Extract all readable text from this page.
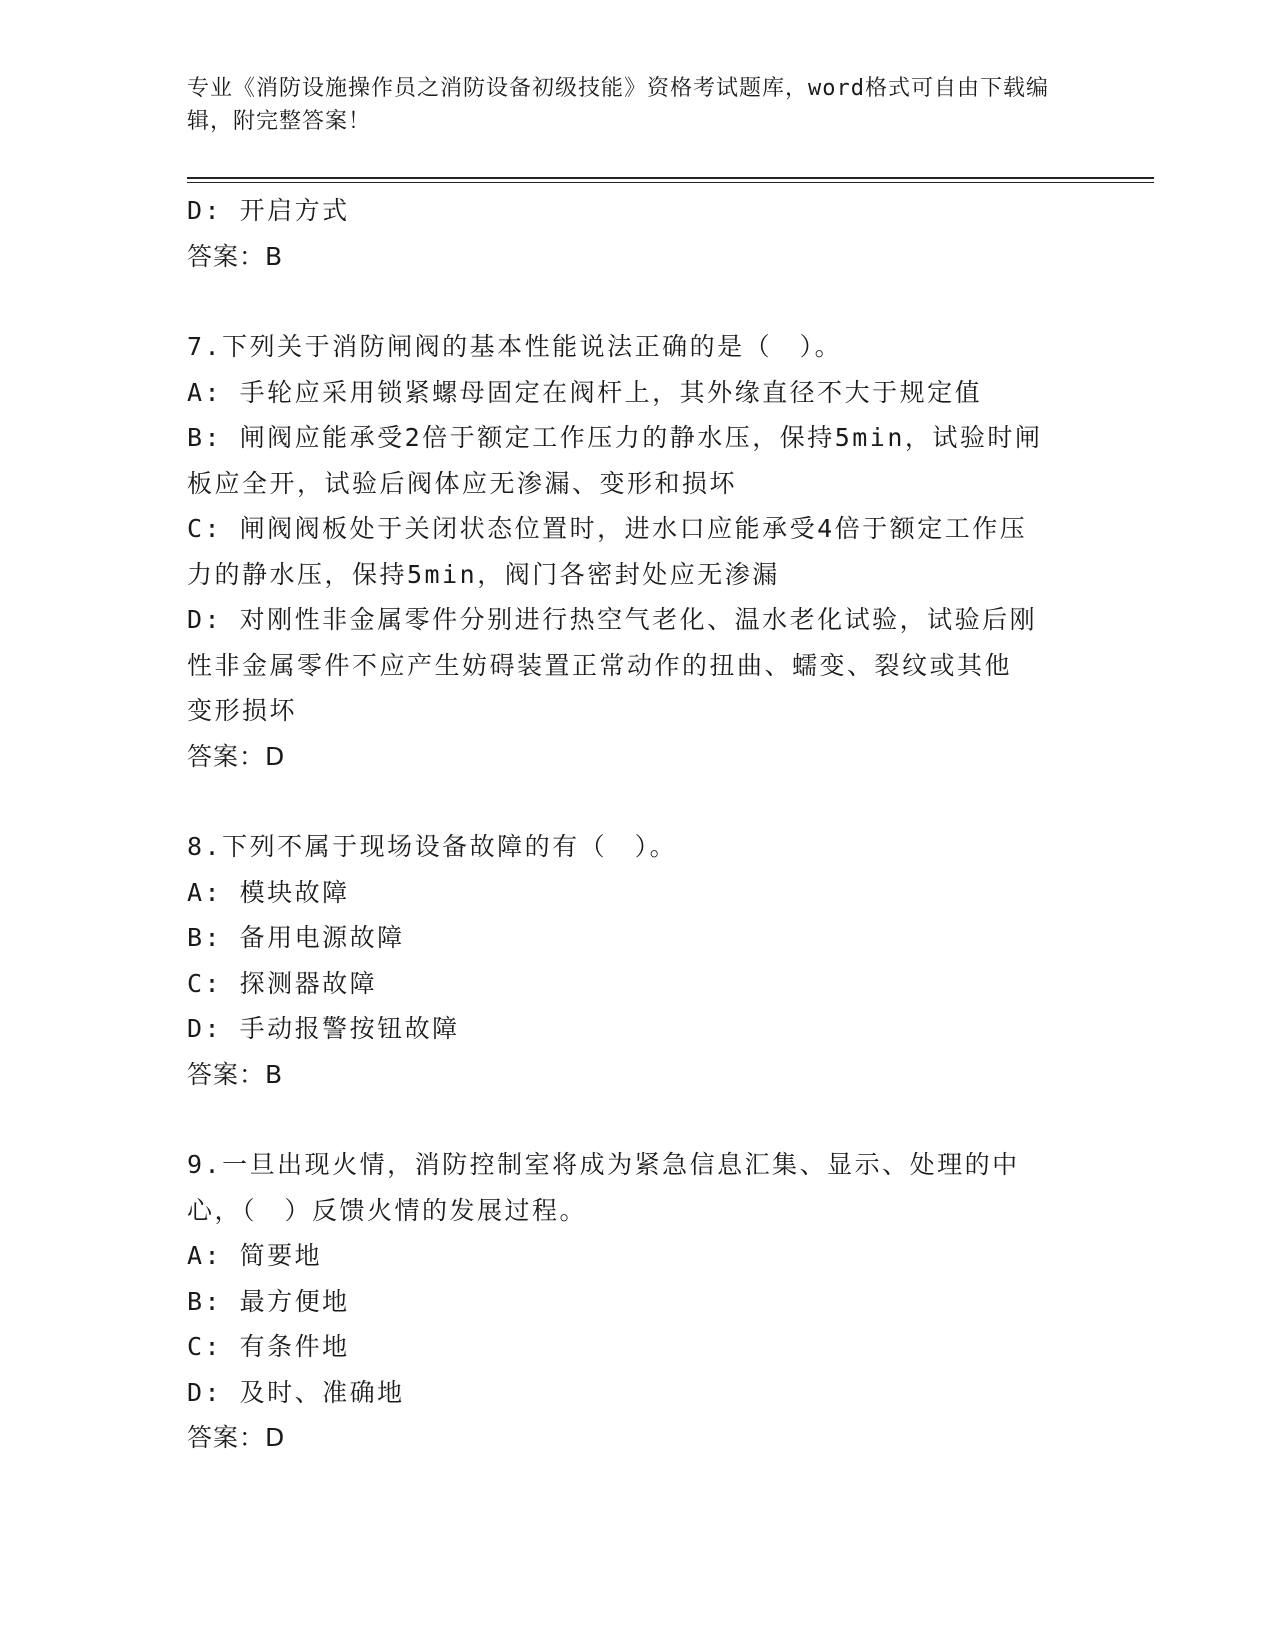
专业《消防设施操作员之消防设备初级技能》资格考试题库，word格式可自由下载编辑，附完整答案！
D: 开启方式
答案：B
7.下列关于消防闸阀的基本性能说法正确的是（　）。
A: 手轮应采用锁紧螺母固定在阀杆上，其外缘直径不大于规定值
B: 闸阀应能承受2倍于额定工作压力的静水压，保持5min，试验时闸
板应全开，试验后阀体应无渗漏、变形和损坏
C: 闸阀阀板处于关闭状态位置时，进水口应能承受4倍于额定工作压
力的静水压，保持5min，阀门各密封处应无渗漏
D: 对刚性非金属零件分别进行热空气老化、温水老化试验，试验后刚
性非金属零件不应产生妨碍装置正常动作的扭曲、蠕变、裂纹或其他
变形损坏
答案：D
8.下列不属于现场设备故障的有（　）。
A: 模块故障
B: 备用电源故障
C: 探测器故障
D: 手动报警按钮故障
答案：B
9.一旦出现火情，消防控制室将成为紧急信息汇集、显示、处理的中
心，（　）反馈火情的发展过程。
A: 简要地
B: 最方便地
C: 有条件地
D: 及时、准确地
答案：D
